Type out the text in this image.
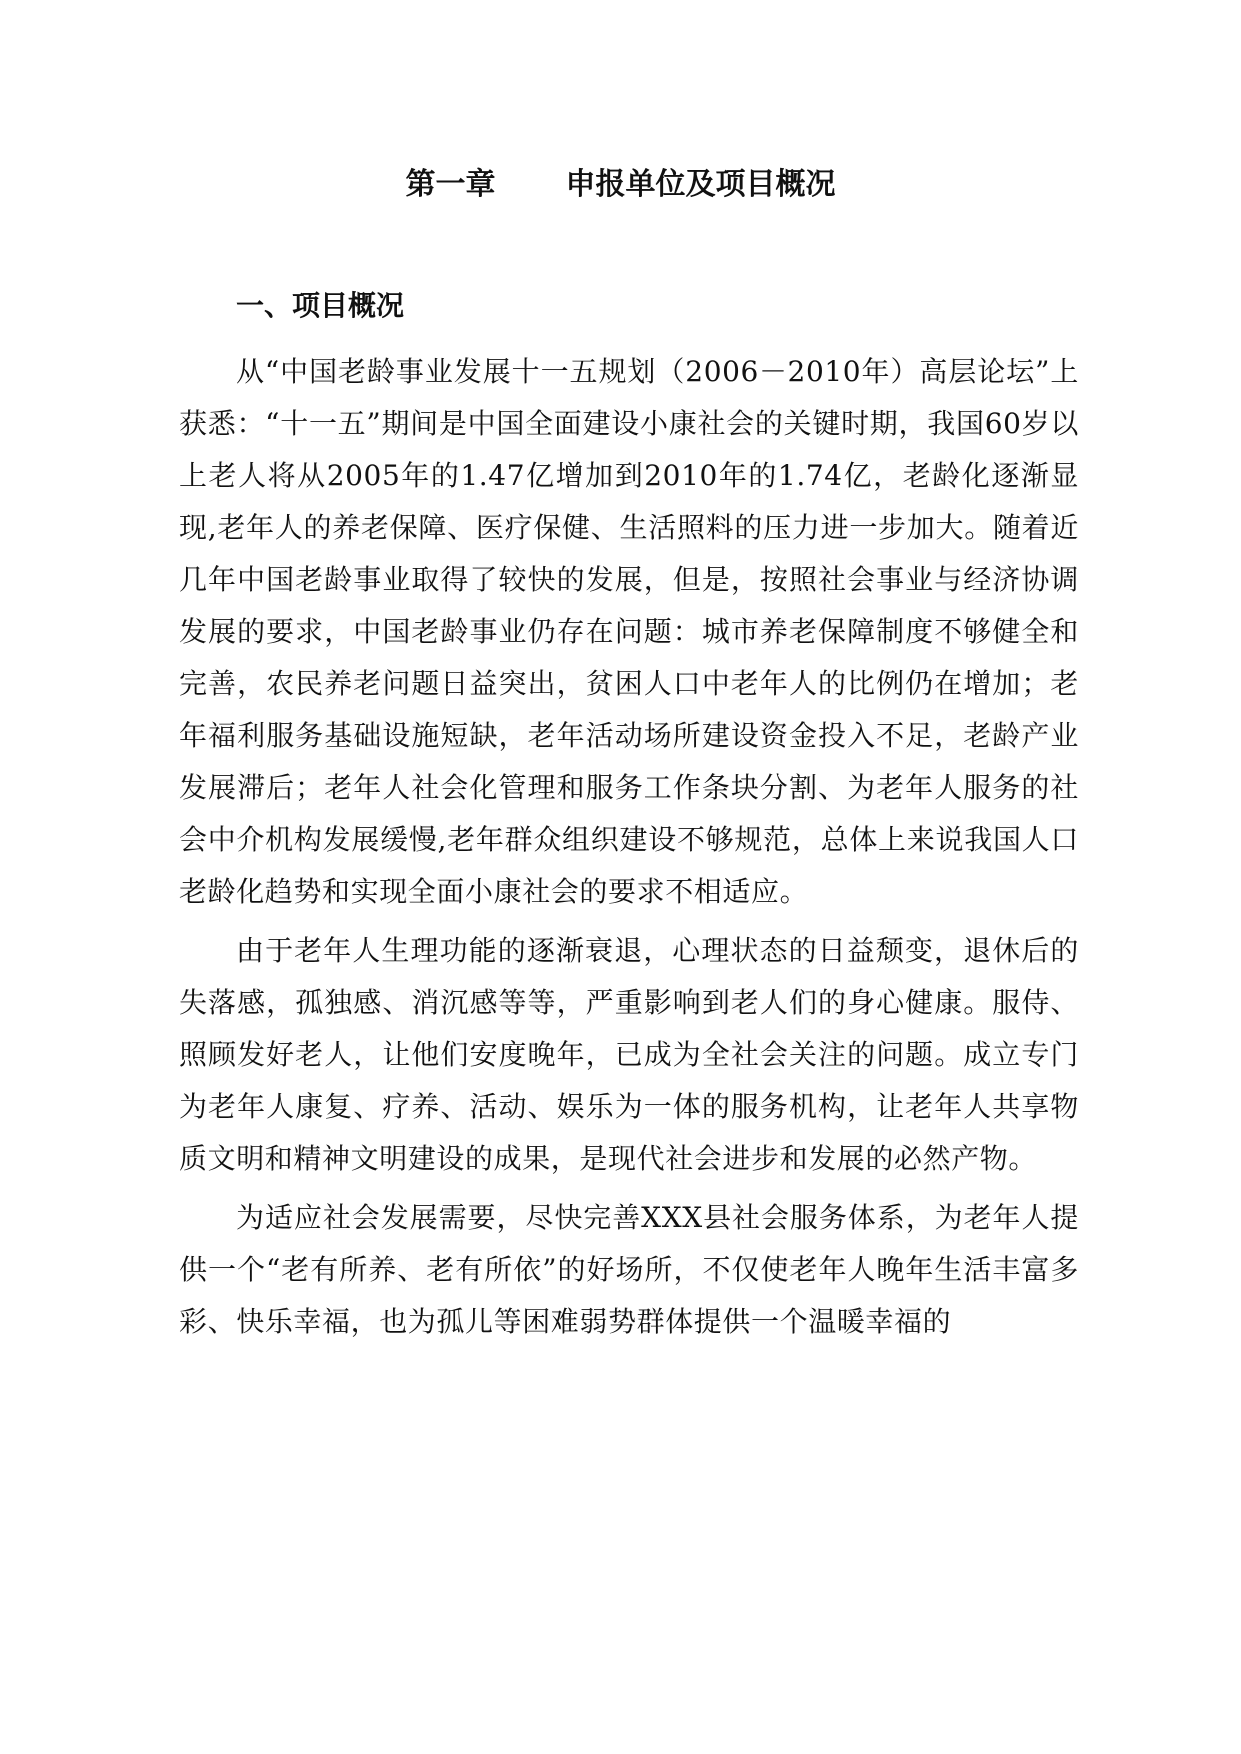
第一章 申报单位及项目概况
一、项目概况

从“中国老龄事业发展十一五规划（2006－2010年）高层论坛”上获悉：“十一五”期间是中国全面建设小康社会的关键时期，我国60岁以上老人将从2005年的1.47亿增加到2010年的1.74亿，老龄化逐渐显现,老年人的养老保障、医疗保健、生活照料的压力进一步加大。随着近几年中国老龄事业取得了较快的发展，但是，按照社会事业与经济协调发展的要求，中国老龄事业仍存在问题：城市养老保障制度不够健全和完善，农民养老问题日益突出，贫困人口中老年人的比例仍在增加；老年福利服务基础设施短缺，老年活动场所建设资金投入不足，老龄产业发展滞后；老年人社会化管理和服务工作条块分割、为老年人服务的社会中介机构发展缓慢,老年群众组织建设不够规范，总体上来说我国人口老龄化趋势和实现全面小康社会的要求不相适应。

由于老年人生理功能的逐渐衰退，心理状态的日益颓变，退休后的失落感，孤独感、消沉感等等，严重影响到老人们的身心健康。服侍、照顾发好老人，让他们安度晚年，已成为全社会关注的问题。成立专门为老年人康复、疗养、活动、娱乐为一体的服务机构，让老年人共享物质文明和精神文明建设的成果，是现代社会进步和发展的必然产物。

为适应社会发展需要，尽快完善XXX县社会服务体系，为老年人提供一个“老有所养、老有所依”的好场所，不仅使老年人晚年生活丰富多彩、快乐幸福，也为孤儿等困难弱势群体提供一个温暖幸福的
